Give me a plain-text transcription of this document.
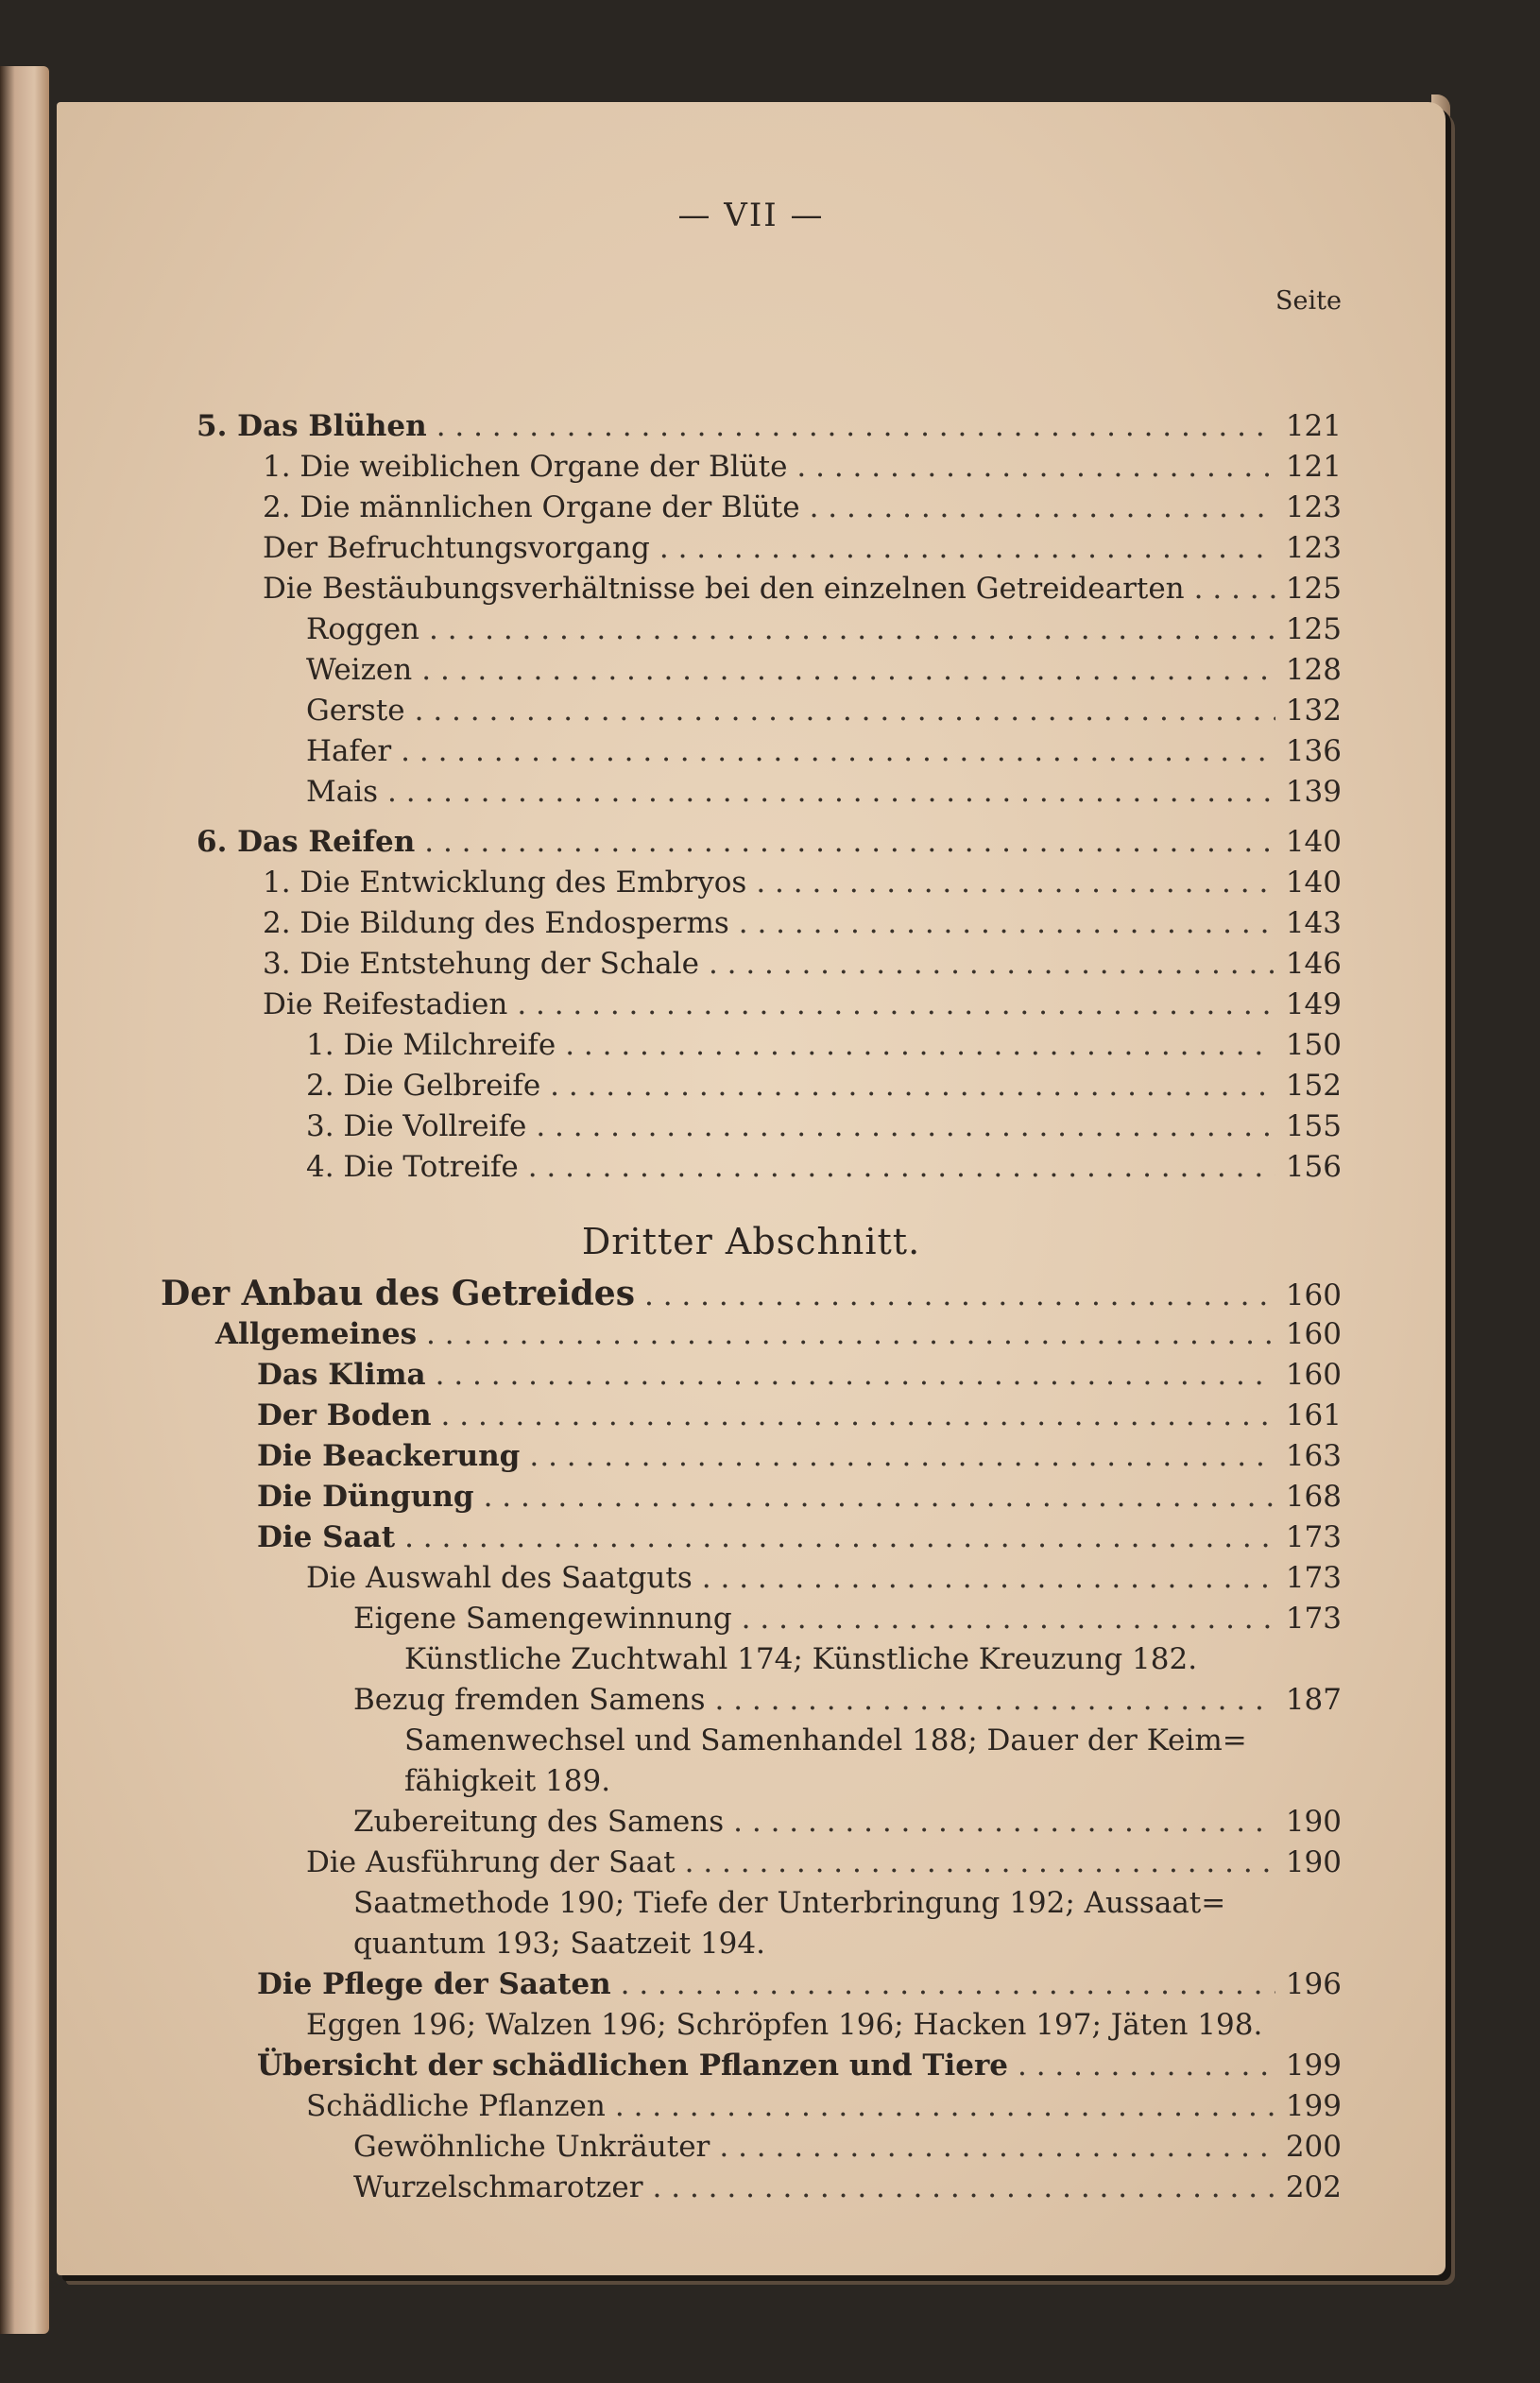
— VII —
Seite
5. Das Blühen . . .	121
1. Die weiblichen Organe der Blüte . . .	121
2. Die männlichen Organe der Blüte . . .	123
Der Befruchtungsvorgang . . .	123
Die Bestäubungsverhältnisse bei den einzelnen Getreidearten . . .	125
Roggen . . .	125
Weizen . . .	128
Gerste . . .	132
Hafer . . .	136
Mais . . .	139
6. Das Reifen . . .	140
1. Die Entwicklung des Embryos . . .	140
2. Die Bildung des Endosperms . . .	143
3. Die Entstehung der Schale . . .	146
Die Reifestadien . . .	149
1. Die Milchreife . . .	150
2. Die Gelbreife . . .	152
3. Die Vollreife . . .	155
4. Die Totreife . . .	156
Dritter Abschnitt.
Der Anbau des Getreides . . .	160
Allgemeines . . .	160
Das Klima . . .	160
Der Boden . . .	161
Die Beackerung . . .	163
Die Düngung . . .	168
Die Saat . . .	173
Die Auswahl des Saatguts . . .	173
Eigene Samengewinnung . . .	173
Künstliche Zuchtwahl 174; Künstliche Kreuzung 182.
Bezug fremden Samens . . .	187
Samenwechsel und Samenhandel 188; Dauer der Keim=
fähigkeit 189.
Zubereitung des Samens . . .	190
Die Ausführung der Saat . . .	190
Saatmethode 190; Tiefe der Unterbringung 192; Aussaat=
quantum 193; Saatzeit 194.
Die Pflege der Saaten . . .	196
Eggen 196; Walzen 196; Schröpfen 196; Hacken 197; Jäten 198.
Übersicht der schädlichen Pflanzen und Tiere . . .	199
Schädliche Pflanzen . . .	199
Gewöhnliche Unkräuter . . .	200
Wurzelschmarotzer . . .	202
